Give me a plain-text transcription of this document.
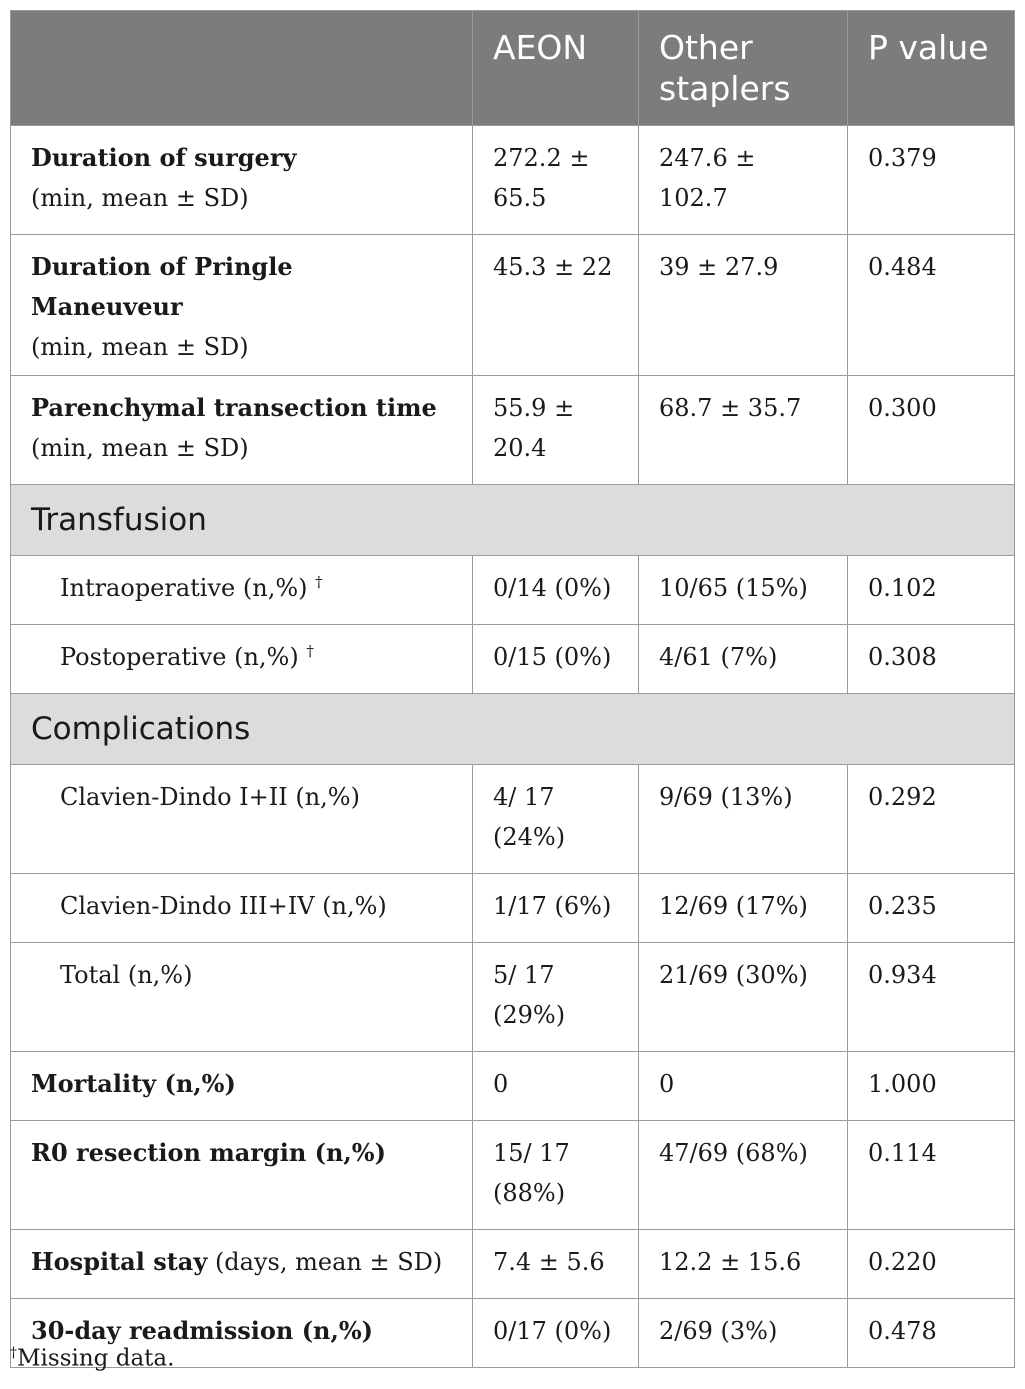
	AEON	Other staplers	P value
Duration of surgery
(min, mean ± SD)	272.2 ± 65.5	247.6 ± 102.7	0.379
Duration of Pringle Maneuveur
(min, mean ± SD)	45.3 ± 22	39 ± 27.9	0.484
Parenchymal transection time
(min, mean ± SD)	55.9 ± 20.4	68.7 ± 35.7	0.300
Transfusion			
Intraoperative (n,%) †	0/14 (0%)	10/65 (15%)	0.102
Postoperative (n,%) †	0/15 (0%)	4/61 (7%)	0.308
Complications			
Clavien-Dindo I+II (n,%)	4/ 17 (24%)	9/69 (13%)	0.292
Clavien-Dindo III+IV (n,%)	1/17 (6%)	12/69 (17%)	0.235
Total (n,%)	5/ 17 (29%)	21/69 (30%)	0.934
Mortality (n,%)	0	0	1.000
R0 resection margin (n,%)	15/ 17 (88%)	47/69 (68%)	0.114
Hospital stay (days, mean ± SD)	7.4 ± 5.6	12.2 ± 15.6	0.220
30-day readmission (n,%)	0/17 (0%)	2/69 (3%)	0.478
†Missing data.
